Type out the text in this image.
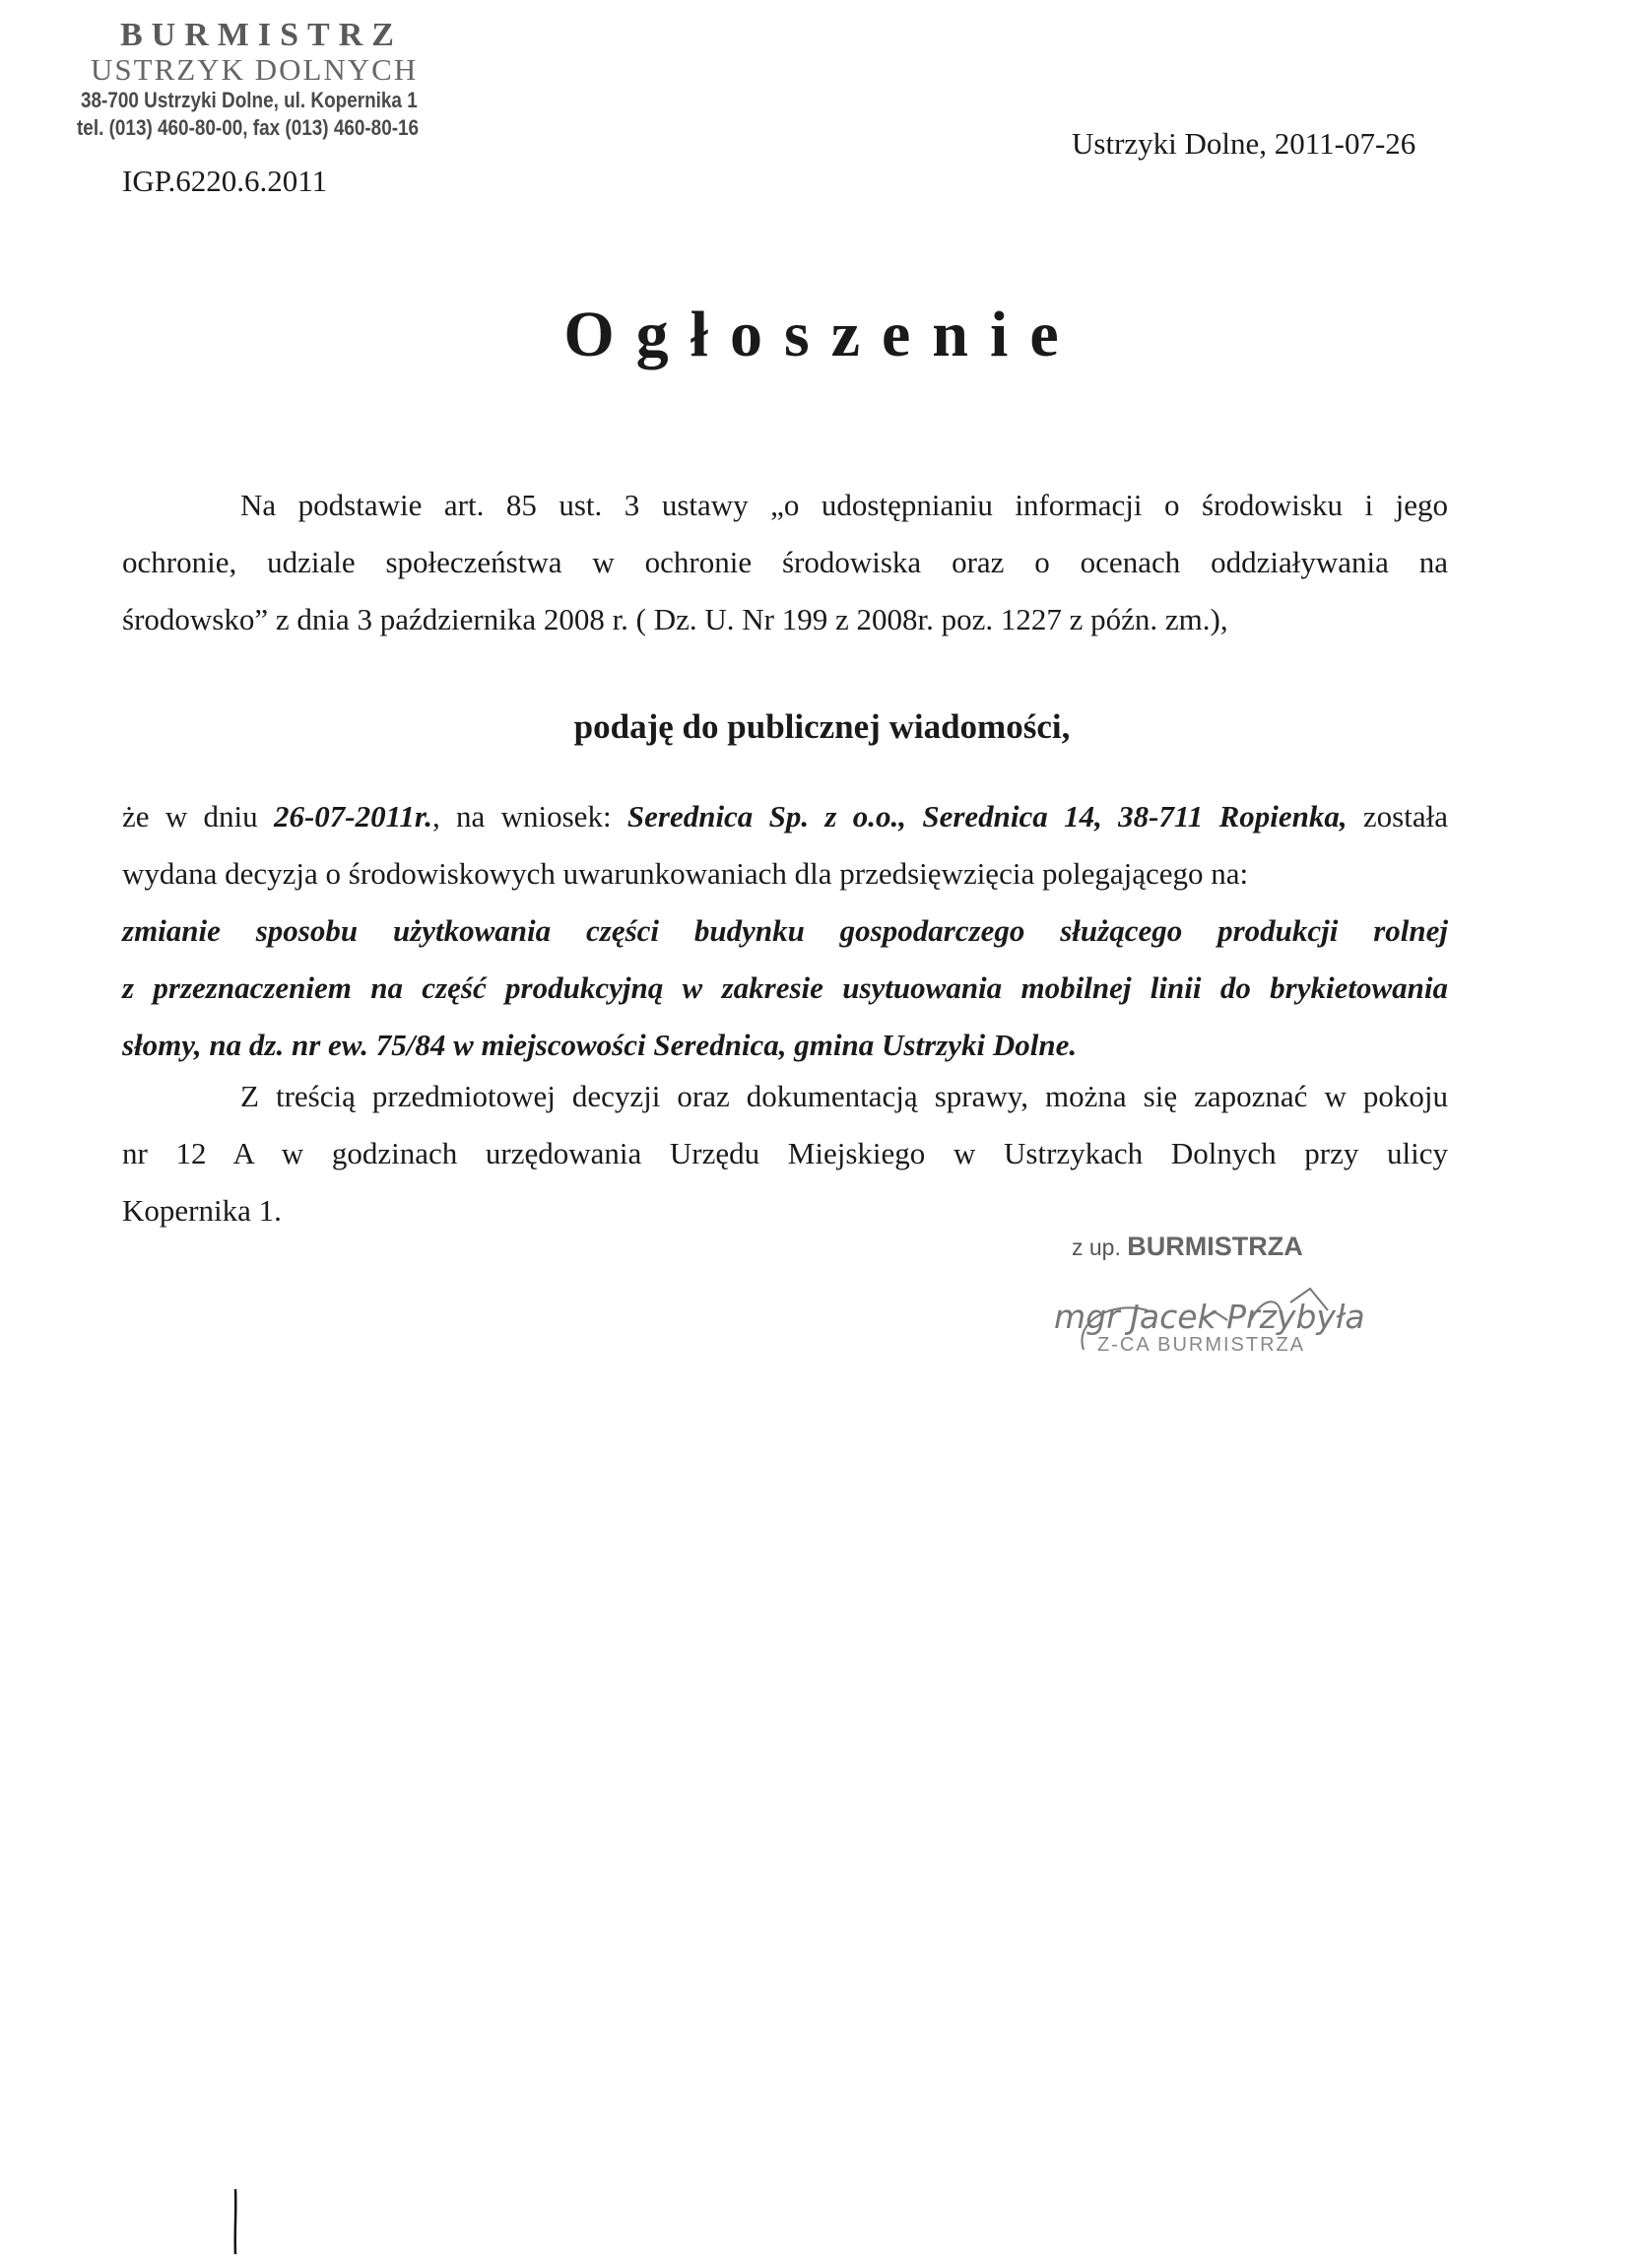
BURMISTRZ
USTRZYK DOLNYCH
38-700 Ustrzyki Dolne, ul. Kopernika 1
tel. (013) 460-80-00, fax (013) 460-80-16	Ustrzyki Dolne, 2011-07-26
IGP.6220.6.2011
Ogłoszenie
Na podstawie art. 85 ust. 3 ustawy „o udostępnianiu informacji o środowisku i jego
ochronie, udziale społeczeństwa w ochronie środowiska oraz o ocenach oddziaływania na
środowsko” z dnia 3 października 2008 r. ( Dz. U. Nr 199 z 2008r. poz. 1227 z późn. zm.),
podaję do publicznej wiadomości,
że w dniu 26-07-2011r., na wniosek: Serednica Sp. z o.o., Serednica 14, 38-711 Ropienka, została
wydana decyzja o środowiskowych uwarunkowaniach dla przedsięwzięcia polegającego na:
zmianie sposobu użytkowania części budynku gospodarczego służącego produkcji rolnej
z przeznaczeniem na część produkcyjną w zakresie usytuowania mobilnej linii do brykietowania
słomy, na dz. nr ew. 75/84 w miejscowości Serednica, gmina Ustrzyki Dolne.
Z treścią przedmiotowej decyzji oraz dokumentacją sprawy, można się zapoznać w pokoju
nr 12 A w godzinach urzędowania Urzędu Miejskiego w Ustrzykach Dolnych przy ulicy
Kopernika 1.
z up. BURMISTRZA
mgr Jacek Przybyła
Z-CA BURMISTRZA
